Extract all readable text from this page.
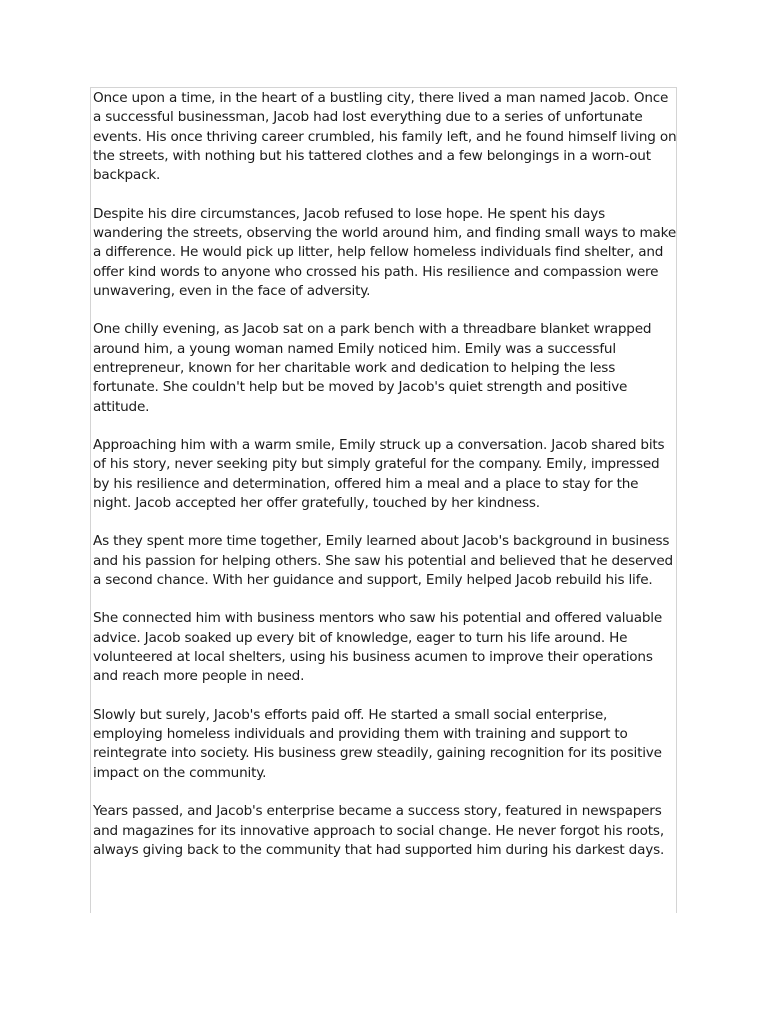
Once upon a time, in the heart of a bustling city, there lived a man named Jacob. Once a successful businessman, Jacob had lost everything due to a series of unfortunate events. His once thriving career crumbled, his family left, and he found himself living on the streets, with nothing but his tattered clothes and a few belongings in a worn-out backpack.

Despite his dire circumstances, Jacob refused to lose hope. He spent his days wandering the streets, observing the world around him, and finding small ways to make a difference. He would pick up litter, help fellow homeless individuals find shelter, and offer kind words to anyone who crossed his path. His resilience and compassion were unwavering, even in the face of adversity.

One chilly evening, as Jacob sat on a park bench with a threadbare blanket wrapped around him, a young woman named Emily noticed him. Emily was a successful entrepreneur, known for her charitable work and dedication to helping the less fortunate. She couldn't help but be moved by Jacob's quiet strength and positive attitude.

Approaching him with a warm smile, Emily struck up a conversation. Jacob shared bits of his story, never seeking pity but simply grateful for the company. Emily, impressed by his resilience and determination, offered him a meal and a place to stay for the night. Jacob accepted her offer gratefully, touched by her kindness.

As they spent more time together, Emily learned about Jacob's background in business and his passion for helping others. She saw his potential and believed that he deserved a second chance. With her guidance and support, Emily helped Jacob rebuild his life.

She connected him with business mentors who saw his potential and offered valuable advice. Jacob soaked up every bit of knowledge, eager to turn his life around. He volunteered at local shelters, using his business acumen to improve their operations and reach more people in need.

Slowly but surely, Jacob's efforts paid off. He started a small social enterprise, employing homeless individuals and providing them with training and support to reintegrate into society. His business grew steadily, gaining recognition for its positive impact on the community.

Years passed, and Jacob's enterprise became a success story, featured in newspapers and magazines for its innovative approach to social change. He never forgot his roots, always giving back to the community that had supported him during his darkest days.
